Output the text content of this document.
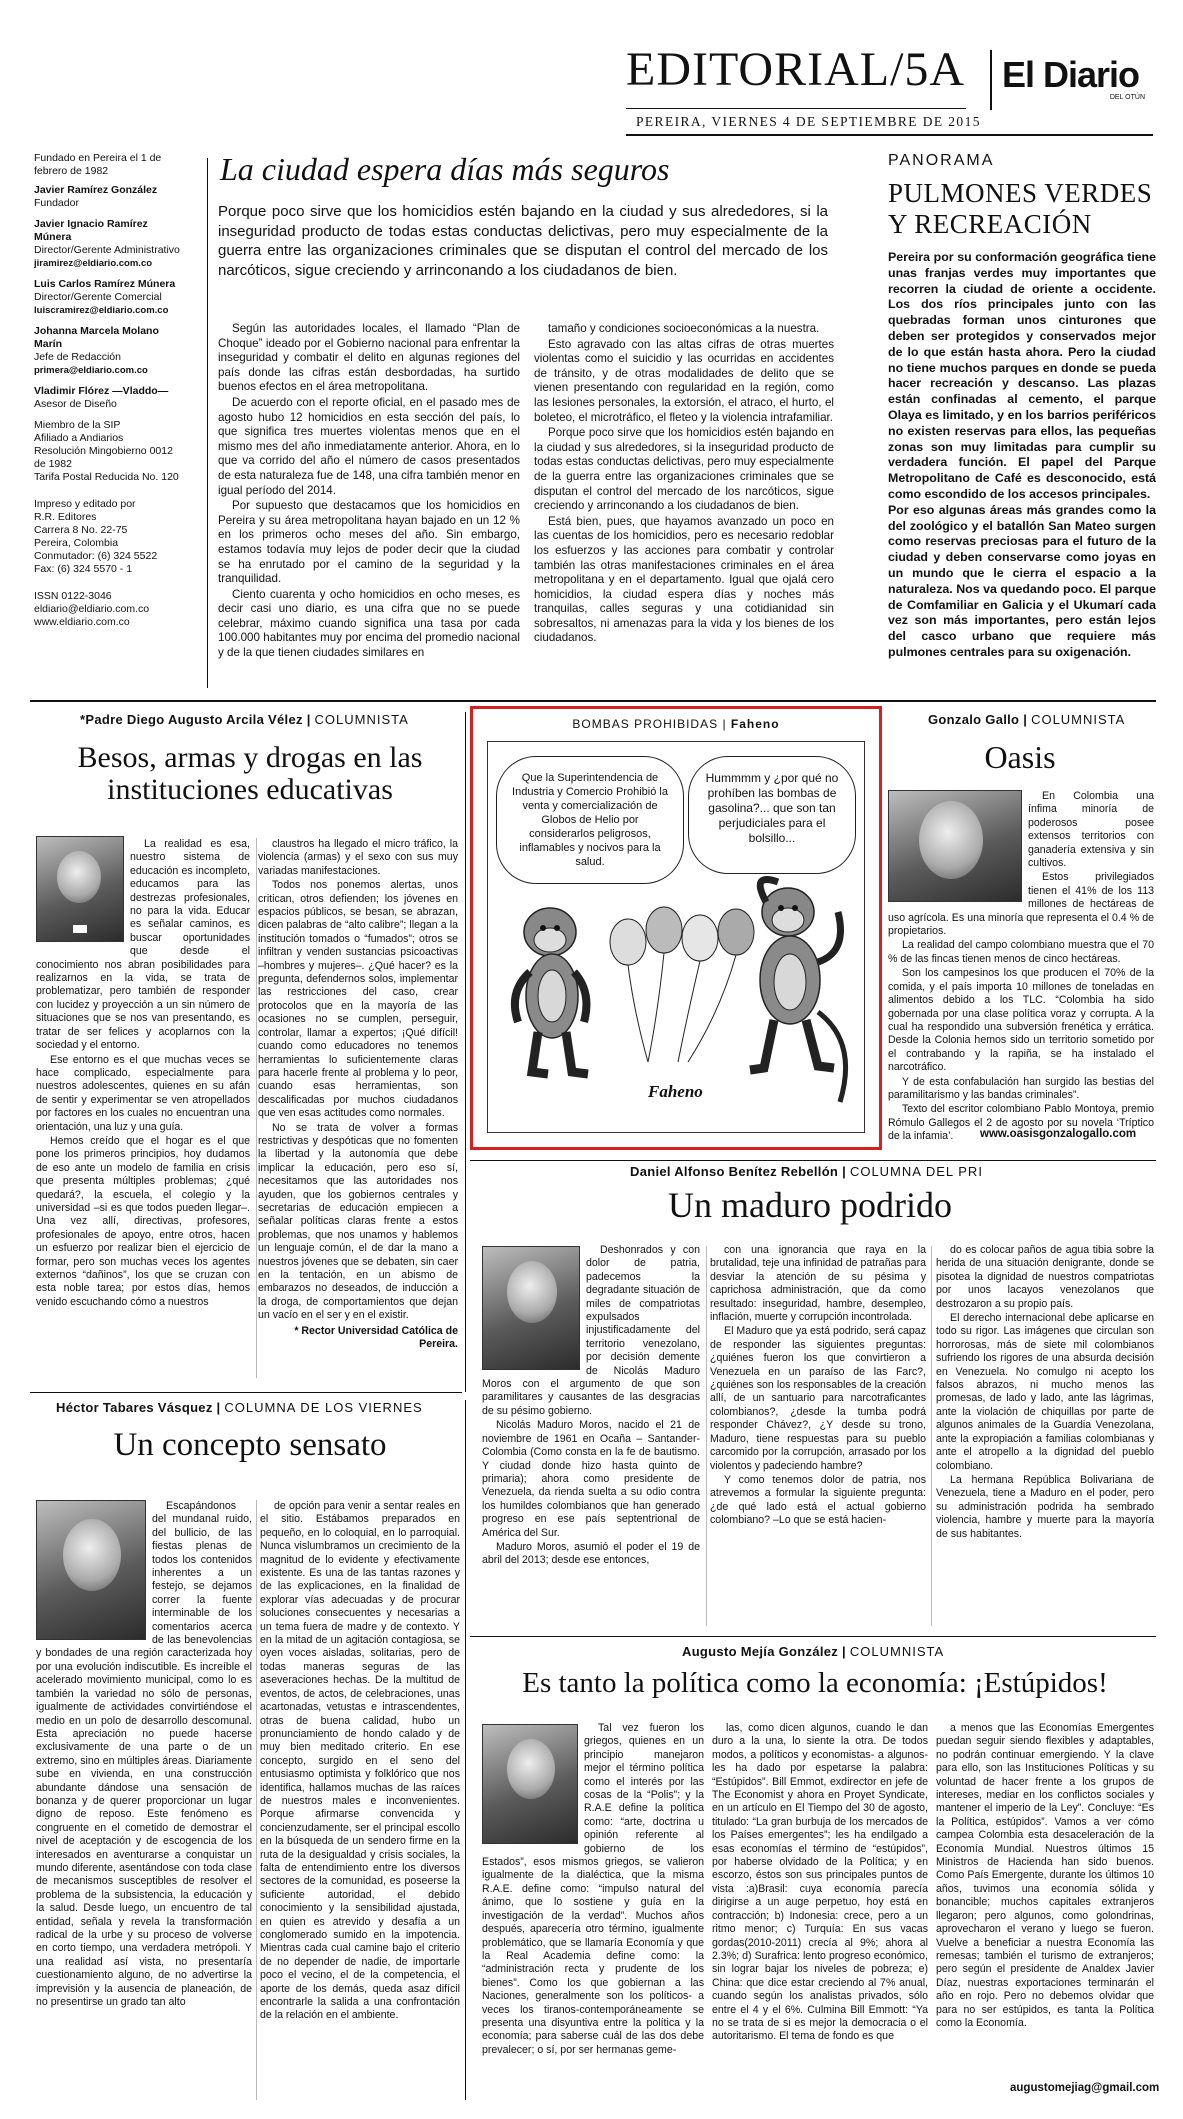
EDITORIAL/5A El Diario
DEL OTÚN
PEREIRA, VIERNES 4 DE SEPTIEMBRE DE 2015
Fundado en Pereira el 1 de febrero de 1982
Javier Ramírez González
Fundador
Javier Ignacio Ramírez Múnera
Director/Gerente Administrativo
jiramirez@eldiario.com.co
Luis Carlos Ramírez Múnera
Director/Gerente Comercial
luiscramirez@eldiario.com.co
Johanna Marcela Molano Marín
Jefe de Redacción
primera@eldiario.com.co
Vladimir Flórez —Vladdo—
Asesor de Diseño
Miembro de la SIP
Afiliado a Andiarios
Resolución Mingobierno 0012 de 1982
Tarifa Postal Reducida No. 120
Impreso y editado por
R.R. Editores
Carrera 8 No. 22-75
Pereira, Colombia
Conmutador: (6) 324 5522
Fax: (6) 324 5570 - 1
ISSN 0122-3046
eldiario@eldiario.com.co
www.eldiario.com.co
La ciudad espera días más seguros
Porque poco sirve que los homicidios estén bajando en la ciudad y sus alrededores, si la inseguridad producto de todas estas conductas delictivas, pero muy especialmente de la guerra entre las organizaciones criminales que se disputan el control del mercado de los narcóticos, sigue creciendo y arrinconando a los ciudadanos de bien.

Según las autoridades locales, el llamado “Plan de Choque” ideado por el Gobierno nacional para enfrentar la inseguridad y combatir el delito en algunas regiones del país donde las cifras están desbordadas, ha surtido buenos efectos en el área metropolitana.

De acuerdo con el reporte oficial, en el pasado mes de agosto hubo 12 homicidios en esta sección del país, lo que significa tres muertes violentas menos que en el mismo mes del año inmediatamente anterior. Ahora, en lo que va corrido del año el número de casos presentados de esta naturaleza fue de 148, una cifra también menor en igual período del 2014.

Por supuesto que destacamos que los homicidios en Pereira y su área metropolitana hayan bajado en un 12 % en los primeros ocho meses del año. Sin embargo, estamos todavía muy lejos de poder decir que la ciudad se ha enrutado por el camino de la seguridad y la tranquilidad.

Ciento cuarenta y ocho homicidios en ocho meses, es decir casi uno diario, es una cifra que no se puede celebrar, máximo cuando significa una tasa por cada 100.000 habitantes muy por encima del promedio nacional y de la que tienen ciudades similares en

tamaño y condiciones socioeconómicas a la nuestra.

Esto agravado con las altas cifras de otras muertes violentas como el suicidio y las ocurridas en accidentes de tránsito, y de otras modalidades de delito que se vienen presentando con regularidad en la región, como las lesiones personales, la extorsión, el atraco, el hurto, el boleteo, el microtráfico, el fleteo y la violencia intrafamiliar.

Porque poco sirve que los homicidios estén bajando en la ciudad y sus alrededores, si la inseguridad producto de todas estas conductas delictivas, pero muy especialmente de la guerra entre las organizaciones criminales que se disputan el control del mercado de los narcóticos, sigue creciendo y arrinconando a los ciudadanos de bien.

Está bien, pues, que hayamos avanzado un poco en las cuentas de los homicidios, pero es necesario redoblar los esfuerzos y las acciones para combatir y controlar también las otras manifestaciones criminales en el área metropolitana y en el departamento. Igual que ojalá cero homicidios, la ciudad espera días y noches más tranquilas, calles seguras y una cotidianidad sin sobresaltos, ni amenazas para la vida y los bienes de los ciudadanos.

PANORAMA
PULMONES VERDES Y RECREACIÓN

Pereira por su conformación geográfica tiene unas franjas verdes muy importantes que recorren la ciudad de oriente a occidente. Los dos ríos principales junto con las quebradas forman unos cinturones que deben ser protegidos y conservados mejor de lo que están hasta ahora. Pero la ciudad no tiene muchos parques en donde se pueda hacer recreación y descanso. Las plazas están confinadas al cemento, el parque Olaya es limitado, y en los barrios periféricos no existen reservas para ellos, las pequeñas zonas son muy limitadas para cumplir su verdadera función. El papel del Parque Metropolitano de Café es desconocido, está como escondido de los accesos principales.

Por eso algunas áreas más grandes como la del zoológico y el batallón San Mateo surgen como reservas preciosas para el futuro de la ciudad y deben conservarse como joyas en un mundo que le cierra el espacio a la naturaleza. Nos va quedando poco. El parque de Comfamiliar en Galicia y el Ukumarí cada vez son más importantes, pero están lejos del casco urbano que requiere más pulmones centrales para su oxigenación.

*Padre Diego Augusto Arcila Vélez | COLUMNISTA
Besos, armas y drogas en las instituciones educativas

La realidad es esa, nuestro sistema de educación es incompleto, educamos para las destrezas profesionales, no para la vida. Educar es señalar caminos, es buscar oportunidades que desde el conocimiento nos abran posibilidades para realizarnos en la vida, se trata de problematizar, pero también de responder con lucidez y proyección a un sin número de situaciones que se nos van presentando, es tratar de ser felices y acoplarnos con la sociedad y el entorno.

Ese entorno es el que muchas veces se hace complicado, especialmente para nuestros adolescentes, quienes en su afán de sentir y experimentar se ven atropellados por factores en los cuales no encuentran una orientación, una luz y una guía.

Hemos creído que el hogar es el que pone los primeros principios, hoy dudamos de eso ante un modelo de familia en crisis que presenta múltiples problemas; ¿qué quedará?, la escuela, el colegio y la universidad –si es que todos pueden llegar–. Una vez allí, directivas, profesores, profesionales de apoyo, entre otros, hacen un esfuerzo por realizar bien el ejercicio de formar, pero son muchas veces los agentes externos “dañinos”, los que se cruzan con esta noble tarea; por estos días, hemos venido escuchando cómo a nuestros

claustros ha llegado el micro tráfico, la violencia (armas) y el sexo con sus muy variadas manifestaciones.

Todos nos ponemos alertas, unos critican, otros defienden; los jóvenes en espacios públicos, se besan, se abrazan, dicen palabras de “alto calibre”; llegan a la institución tomados o “fumados”; otros se infiltran y venden sustancias psicoactivas –hombres y mujeres–. ¿Qué hacer? es la pregunta, defendernos solos, implementar las restricciones del caso, crear protocolos que en la mayoría de las ocasiones no se cumplen, perseguir, controlar, llamar a expertos; ¡Qué difícil! cuando como educadores no tenemos herramientas lo suficientemente claras para hacerle frente al problema y lo peor, cuando esas herramientas, son descalificadas por muchos ciudadanos que ven esas actitudes como normales.

No se trata de volver a formas restrictivas y despóticas que no fomenten la libertad y la autonomía que debe implicar la educación, pero eso sí, necesitamos que las autoridades nos ayuden, que los gobiernos centrales y secretarias de educación empiecen a señalar políticas claras frente a estos problemas, que nos unamos y hablemos un lenguaje común, el de dar la mano a nuestros jóvenes que se debaten, sin caer en la tentación, en un abismo de embarazos no deseados, de inducción a la droga, de comportamientos que dejan un vacío en el ser y en el existir.

* Rector Universidad Católica de Pereira.
BOMBAS PROHIBIDAS | Faheno
Que la Superintendencia de Industria y Comercio Prohibió la venta y comercialización de Globos de Helio por considerarlos peligrosos, inflamables y nocivos para la salud.
Hummmm y ¿por qué no prohíben las bombas de gasolina?... que son tan perjudiciales para el bolsillo...
Faheno
Gonzalo Gallo | COLUMNISTA
Oasis

En Colombia una ínfima minoría de poderosos posee extensos territorios con ganadería extensiva y sin cultivos.

Estos privilegiados tienen el 41% de los 113 millones de hectáreas de uso agrícola. Es una minoría que representa el 0.4 % de propietarios.

La realidad del campo colombiano muestra que el 70 % de las fincas tienen menos de cinco hectáreas.

Son los campesinos los que producen el 70% de la comida, y el país importa 10 millones de toneladas en alimentos debido a los TLC. “Colombia ha sido gobernada por una clase política voraz y corrupta. A la cual ha respondido una subversión frenética y errática. Desde la Colonia hemos sido un territorio sometido por el contrabando y la rapiña, se ha instalado el narcotráfico.

Y de esta confabulación han surgido las bestias del paramilitarismo y las bandas criminales”.

Texto del escritor colombiano Pablo Montoya, premio Rómulo Gallegos el 2 de agosto por su novela ‘Tríptico de la infamia’.	www.oasisgonzalogallo.com
Daniel Alfonso Benítez Rebellón | COLUMNA DEL PRI
Un maduro podrido

Deshonrados y con dolor de patria, padecemos la degradante situación de miles de compatriotas expulsados injustificadamente del territorio venezolano, por decisión demente de Nicolás Maduro Moros con el argumento de que son paramilitares y causantes de las desgracias de su pésimo gobierno.

Nicolás Maduro Moros, nacido el 21 de noviembre de 1961 en Ocaña – Santander- Colombia (Como consta en la fe de bautismo. Y ciudad donde hizo hasta quinto de primaria); ahora como presidente de Venezuela, da rienda suelta a su odio contra los humildes colombianos que han generado progreso en ese país septentrional de América del Sur.

Maduro Moros, asumió el poder el 19 de abril del 2013; desde ese entonces,

con una ignorancia que raya en la brutalidad, teje una infinidad de patrañas para desviar la atención de su pésima y caprichosa administración, que da como resultado: inseguridad, hambre, desempleo, inflación, muerte y corrupción incontrolada.

El Maduro que ya está podrido, será capaz de responder las siguientes preguntas: ¿quiénes fueron los que convirtieron a Venezuela en un paraíso de las Farc?, ¿quiénes son los responsables de la creación allí, de un santuario para narcotraficantes colombianos?, ¿desde la tumba podrá responder Chávez?, ¿Y desde su trono, Maduro, tiene respuestas para su pueblo carcomido por la corrupción, arrasado por los violentos y padeciendo hambre?

Y como tenemos dolor de patria, nos atrevemos a formular la siguiente pregunta: ¿de qué lado está el actual gobierno colombiano? –Lo que se está hacien-

do es colocar paños de agua tibia sobre la herida de una situación denigrante, donde se pisotea la dignidad de nuestros compatriotas por unos lacayos venezolanos que destrozaron a su propio país.

El derecho internacional debe aplicarse en todo su rigor. Las imágenes que circulan son horrorosas, más de siete mil colombianos sufriendo los rigores de una absurda decisión en Venezuela. No comulgo ni acepto los falsos abrazos, ni mucho menos las promesas, de lado y lado, ante las lágrimas, ante la violación de chiquillas por parte de algunos animales de la Guardia Venezolana, ante la expropiación a familias colombianas y ante el atropello a la dignidad del pueblo colombiano.

La hermana República Bolivariana de Venezuela, tiene a Maduro en el poder, pero su administración podrida ha sembrado violencia, hambre y muerte para la mayoría de sus habitantes.

Héctor Tabares Vásquez | COLUMNA DE LOS VIERNES
Un concepto sensato

Escapándonos del mundanal ruido, del bullicio, de las fiestas plenas de todos los contenidos inherentes a un festejo, se dejamos correr la fuente interminable de los comentarios acerca de las benevolencias y bondades de una región caracterizada hoy por una evolución indiscutible. Es increíble el acelerado movimiento municipal, como lo es también la variedad no sólo de personas, igualmente de actividades convirtiéndose el medio en un polo de desarrollo descomunal. Esta apreciación no puede hacerse exclusivamente de una parte o de un extremo, sino en múltiples áreas. Diariamente sube en vivienda, en una construcción abundante dándose una sensación de bonanza y de querer proporcionar un lugar digno de reposo. Este fenómeno es congruente en el cometido de demostrar el nivel de aceptación y de escogencia de los interesados en aventurarse a conquistar un mundo diferente, asentándose con toda clase de mecanismos susceptibles de resolver el problema de la subsistencia, la educación y la salud. Desde luego, un encuentro de tal entidad, señala y revela la transformación radical de la urbe y su proceso de volverse en corto tiempo, una verdadera metrópoli. Y una realidad así vista, no presentaría cuestionamiento alguno, de no advertirse la imprevisión y la ausencia de planeación, de no presentirse un grado tan alto

de opción para venir a sentar reales en el sitio. Estábamos preparados en pequeño, en lo coloquial, en lo parroquial. Nunca vislumbramos un crecimiento de la magnitud de lo evidente y efectivamente existente. Es una de las tantas razones y de las explicaciones, en la finalidad de explorar vías adecuadas y de procurar soluciones consecuentes y necesarias a un tema fuera de madre y de contexto. Y en la mitad de un agitación contagiosa, se oyen voces aisladas, solitarias, pero de todas maneras seguras de las aseveraciones hechas. De la multitud de eventos, de actos, de celebraciones, unas acartonadas, vetustas e intrascendentes, otras de buena calidad, hubo un pronunciamiento de hondo calado y de muy bien meditado criterio. En ese concepto, surgido en el seno del entusiasmo optimista y folklórico que nos identifica, hallamos muchas de las raíces de nuestros males e inconvenientes. Porque afirmarse convencida y concienzudamente, ser el principal escollo en la búsqueda de un sendero firme en la ruta de la desigualdad y crisis sociales, la falta de entendimiento entre los diversos sectores de la comunidad, es poseerse la suficiente autoridad, el debido conocimiento y la sensibilidad ajustada, en quien es atrevido y desafía a un conglomerado sumido en la impotencia. Mientras cada cual camine bajo el criterio de no depender de nadie, de importarle poco el vecino, el de la competencia, el aporte de los demás, queda asaz difícil encontrarle la salida a una confrontación de la relación en el ambiente.

Augusto Mejía González | COLUMNISTA
Es tanto la política como la economía: ¡Estúpidos!

Tal vez fueron los griegos, quienes en un principio manejaron mejor el término política como el interés por las cosas de la “Polis”; y la R.A.E define la política como: “arte, doctrina u opinión referente al gobierno de los Estados”, esos mismos griegos, se valieron igualmente de la dialéctica, que la misma R.A.E. define como: “impulso natural del ánimo, que lo sostiene y guía en la investigación de la verdad”. Muchos años después, aparecería otro término, igualmente problemático, que se llamaría Economía y que la Real Academia define como: la “administración recta y prudente de los bienes”. Como los que gobiernan a las Naciones, generalmente son los políticos- a veces los tiranos-contemporáneamente se presenta una disyuntiva entre la política y la economía; para saberse cuál de las dos debe prevalecer; o sí, por ser hermanas geme-

las, como dicen algunos, cuando le dan duro a la una, lo siente la otra. De todos modos, a políticos y economistas- a algunos- les ha dado por espetarse la palabra: “Estúpidos”. Bill Emmot, exdirector en jefe de The Economist y ahora en Proyet Syndicate, en un artículo en El Tiempo del 30 de agosto, titulado: “La gran burbuja de los mercados de los Países emergentes”; les ha endilgado a esas economías el término de “estúpidos”, por haberse olvidado de la Política; y en escorzo, éstos son sus principales puntos de vista :a)Brasil: cuya economía parecía dirigirse a un auge perpetuo, hoy está en contracción; b) Indonesia: crece, pero a un ritmo menor; c) Turquía: En sus vacas gordas(2010-2011) crecía al 9%; ahora al 2.3%; d) Surafrica: lento progreso económico, sin lograr bajar los niveles de pobreza; e) China: que dice estar creciendo al 7% anual, cuando según los analistas privados, sólo entre el 4 y el 6%. Culmina Bill Emmott: “Ya no se trata de si es mejor la democracia o el autoritarismo. El tema de fondo es que

a menos que las Economías Emergentes puedan seguir siendo flexibles y adaptables, no podrán continuar emergiendo. Y la clave para ello, son las Instituciones Políticas y su voluntad de hacer frente a los grupos de intereses, mediar en los conflictos sociales y mantener el imperio de la Ley”. Concluye: “Es la Política, estúpidos”. Vamos a ver cómo campea Colombia esta desaceleración de la Economía Mundial. Nuestros últimos 15 Ministros de Hacienda han sido buenos. Como País Emergente, durante los últimos 10 años, tuvimos una economía sólida y bonancible; muchos capitales extranjeros llegaron; pero algunos, como golondrinas, aprovecharon el verano y luego se fueron. Vuelve a beneficiar a nuestra Economía las remesas; también el turismo de extranjeros; pero según el presidente de Analdex Javier Díaz, nuestras exportaciones terminarán el año en rojo. Pero no debemos olvidar que para no ser estúpidos, es tanta la Política como la Economía.

augustomejiag@gmail.com
